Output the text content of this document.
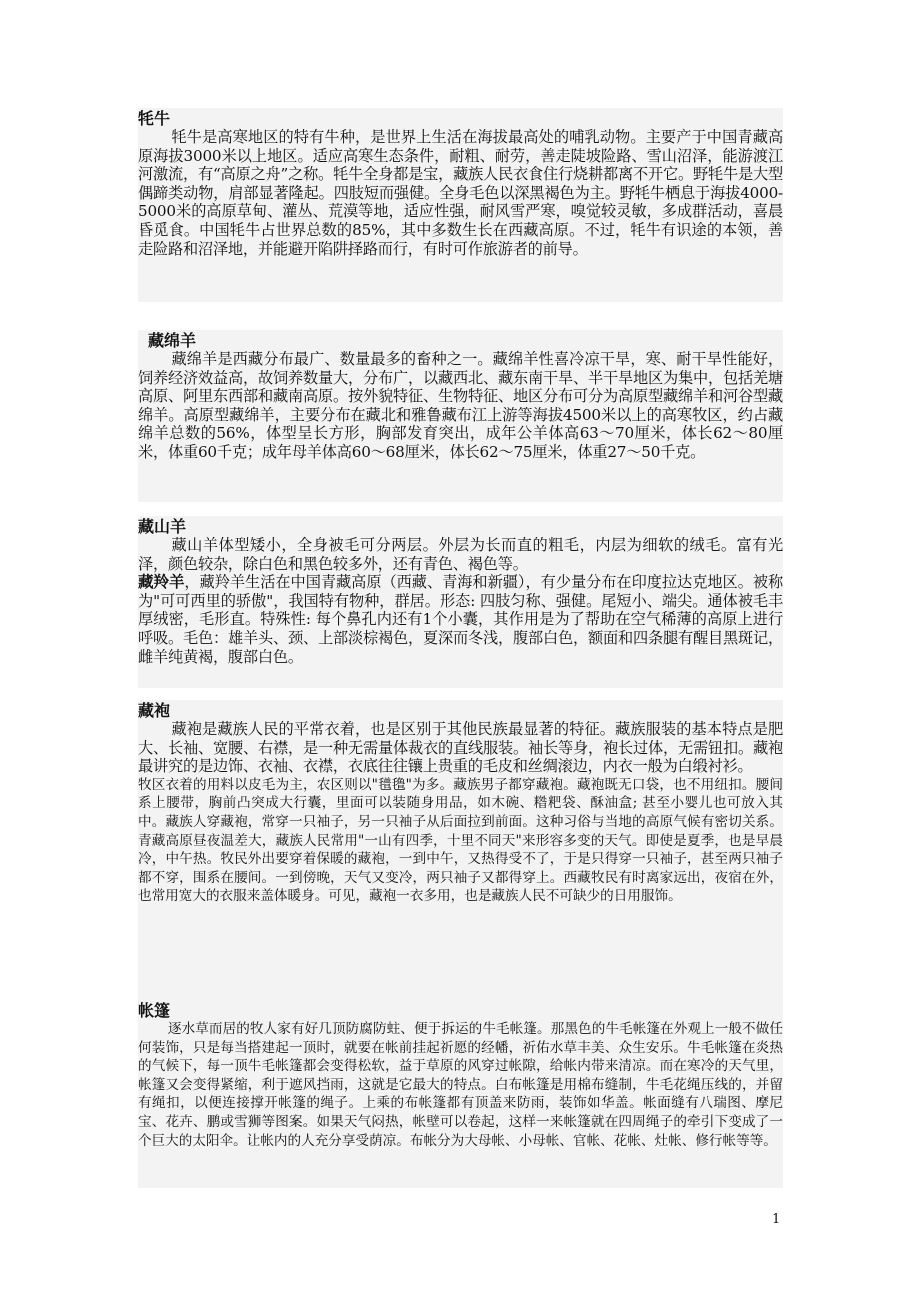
牦牛

牦牛是高寒地区的特有牛种，是世界上生活在海拔最高处的哺乳动物。主要产于中国青藏高原海拔3000米以上地区。适应高寒生态条件，耐粗、耐劳，善走陡坡险路、雪山沼泽，能游渡江河激流，有“高原之舟”之称。牦牛全身都是宝，藏族人民衣食住行烧耕都离不开它。野牦牛是大型偶蹄类动物，肩部显著隆起。四肢短而强健。全身毛色以深黑褐色为主。野牦牛栖息于海拔4000-5000米的高原草甸、灌丛、荒漠等地，适应性强，耐风雪严寒，嗅觉较灵敏，多成群活动，喜晨昏觅食。中国牦牛占世界总数的85%，其中多数生长在西藏高原。不过，牦牛有识途的本领，善走险路和沼泽地，并能避开陷阱择路而行，有时可作旅游者的前导。

藏绵羊

藏绵羊是西藏分布最广、数量最多的畜种之一。藏绵羊性喜冷凉干旱，寒、耐干旱性能好，饲养经济效益高，故饲养数量大，分布广，以藏西北、藏东南干旱、半干旱地区为集中，包括羌塘高原、阿里东西部和藏南高原。按外貌特征、生物特征、地区分布可分为高原型藏绵羊和河谷型藏绵羊。高原型藏绵羊，主要分布在藏北和雅鲁藏布江上游等海拔4500米以上的高寒牧区，约占藏绵羊总数的56%，体型呈长方形，胸部发育突出，成年公羊体高63～70厘米，体长62～80厘米，体重60千克；成年母羊体高60～68厘米，体长62～75厘米，体重27～50千克。

藏山羊

藏山羊体型矮小，全身被毛可分两层。外层为长而直的粗毛，内层为细软的绒毛。富有光泽，颜色较杂，除白色和黑色较多外，还有青色、褐色等。

藏羚羊，藏羚羊生活在中国青藏高原（西藏、青海和新疆），有少量分布在印度拉达克地区。被称为"可可西里的骄傲"，我国特有物种，群居。形态: 四肢匀称、强健。尾短小、端尖。通体被毛丰厚绒密，毛形直。特殊性: 每个鼻孔内还有1个小囊，其作用是为了帮助在空气稀薄的高原上进行呼吸。毛色：雄羊头、颈、上部淡棕褐色，夏深而冬浅，腹部白色，额面和四条腿有醒目黑斑记，雌羊纯黄褐，腹部白色。

藏袍

藏袍是藏族人民的平常衣着，也是区别于其他民族最显著的特征。藏族服装的基本特点是肥大、长袖、宽腰、右襟，是一种无需量体裁衣的直线服装。袖长等身，袍长过体，无需钮扣。藏袍最讲究的是边饰、衣袖、衣襟，衣底往往镶上贵重的毛皮和丝绸滚边，内衣一般为白缎衬衫。

牧区衣着的用料以皮毛为主，农区则以"氆氇"为多。藏族男子都穿藏袍。藏袍既无口袋，也不用纽扣。腰间系上腰带，胸前凸突成大行囊，里面可以装随身用品，如木碗、糌粑袋、酥油盒; 甚至小婴儿也可放入其中。藏族人穿藏袍，常穿一只袖子，另一只袖子从后面拉到前面。这种习俗与当地的高原气候有密切关系。青藏高原昼夜温差大，藏族人民常用"一山有四季，十里不同天"来形容多变的天气。即使是夏季，也是早晨冷，中午热。牧民外出要穿着保暖的藏袍，一到中午，又热得受不了，于是只得穿一只袖子，甚至两只袖子都不穿，围系在腰间。一到傍晚，天气又变冷，两只袖子又都得穿上。西藏牧民有时离家远出，夜宿在外，也常用宽大的衣服来盖体暖身。可见，藏袍一衣多用，也是藏族人民不可缺少的日用服饰。

帐篷

逐水草而居的牧人家有好几顶防腐防蛀、便于拆运的牛毛帐篷。那黑色的牛毛帐篷在外观上一般不做任何装饰，只是每当搭建起一顶时，就要在帐前挂起祈愿的经幡，祈佑水草丰美、众生安乐。牛毛帐篷在炎热的气候下，每一顶牛毛帐篷都会变得松软，益于草原的风穿过帐隙，给帐内带来清凉。而在寒冷的天气里，帐篷又会变得紧缩，利于遮风挡雨，这就是它最大的特点。白布帐篷是用棉布缝制，牛毛花绳压线的，并留有绳扣，以便连接撑开帐篷的绳子。上乘的布帐篷都有顶盖来防雨，装饰如华盖。帐面缝有八瑞图、摩尼宝、花卉、鹏或雪狮等图案。如果天气闷热，帐壁可以卷起，这样一来帐篷就在四周绳子的牵引下变成了一个巨大的太阳伞。让帐内的人充分享受荫凉。布帐分为大母帐、小母帐、官帐、花帐、灶帐、修行帐等等。

1
